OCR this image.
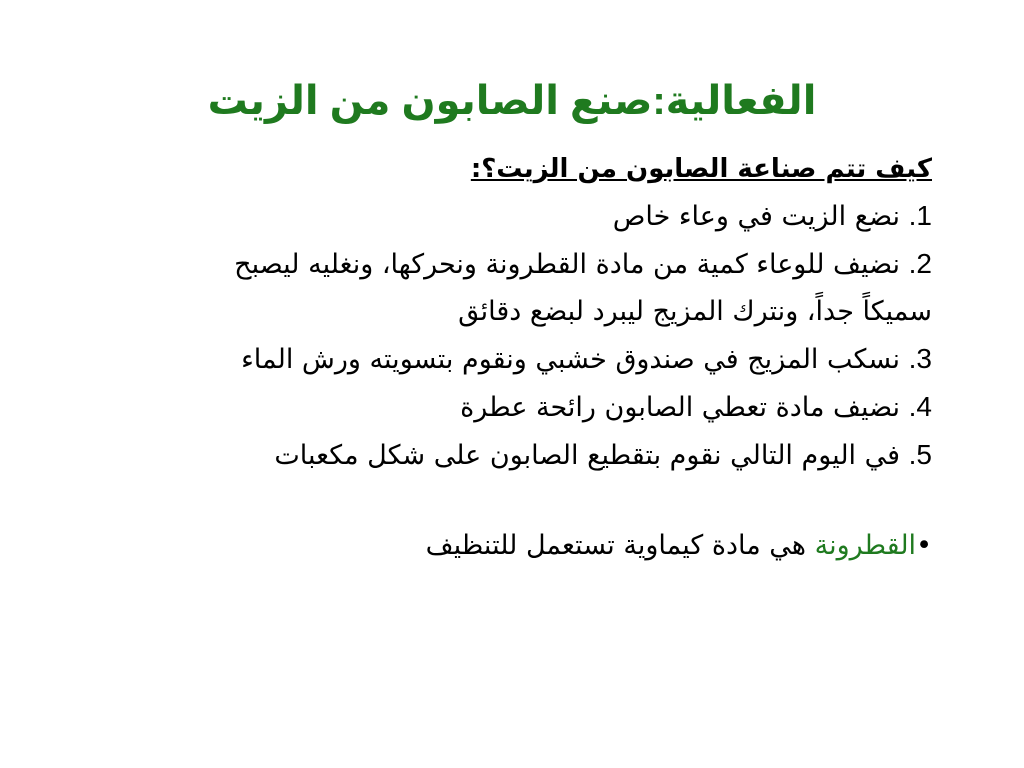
الفعالية:صنع الصابون من الزيت

كيف تتم صناعة الصابون من الزيت؟:

1. نضع الزيت في وعاء خاص
2. نضيف للوعاء كمية من مادة القطرونة ونحركها، ونغليه ليصبح سميكاً جداً، ونترك المزيج ليبرد لبضع دقائق
3. نسكب المزيج في صندوق خشبي ونقوم بتسويته ورش الماء
4. نضيف مادة تعطي الصابون رائحة عطرة
5. في اليوم التالي نقوم بتقطيع الصابون على شكل مكعبات

•القطرونة هي مادة كيماوية تستعمل للتنظيف
